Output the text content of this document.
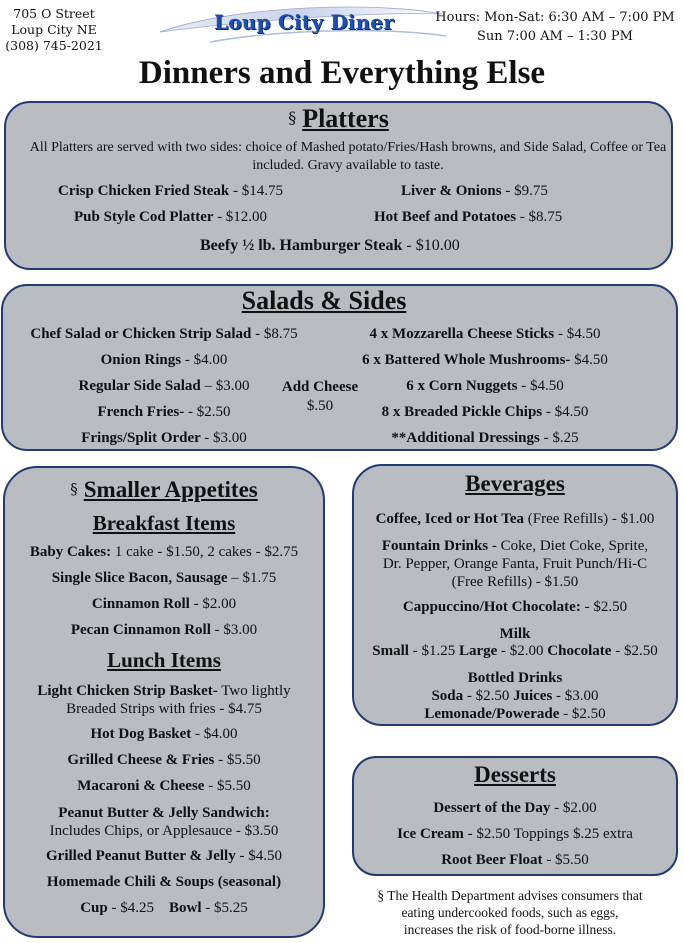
705 O Street
Loup City NE
(308) 745-2021
Loup City Diner	Hours: Mon-Sat: 6:30 AM – 7:00 PM
Sun 7:00 AM – 1:30 PM
Dinners and Everything Else
§ Platters
All Platters are served with two sides: choice of Mashed potato/Fries/Hash browns, and Side Salad, Coffee or Tea included. Gravy available to taste.
Crisp Chicken Fried Steak - $14.75	Liver & Onions - $9.75
Pub Style Cod Platter - $12.00	Hot Beef and Potatoes - $8.75
Beefy ½ lb. Hamburger Steak - $10.00
Salads & Sides
Chef Salad or Chicken Strip Salad - $8.75
Onion Rings - $4.00
Regular Side Salad – $3.00
French Fries- - $2.50
Frings/Split Order - $3.00
Add Cheese
$.50
4 x Mozzarella Cheese Sticks - $4.50
6 x Battered Whole Mushrooms- $4.50
6 x Corn Nuggets - $4.50
8 x Breaded Pickle Chips - $4.50
**Additional Dressings - $.25
§ Smaller Appetites
Breakfast Items
Baby Cakes: 1 cake - $1.50, 2 cakes - $2.75
Single Slice Bacon, Sausage – $1.75
Cinnamon Roll - $2.00
Pecan Cinnamon Roll - $3.00
Lunch Items
Light Chicken Strip Basket- Two lightly
Breaded Strips with fries - $4.75
Hot Dog Basket - $4.00
Grilled Cheese & Fries - $5.50
Macaroni & Cheese - $5.50
Peanut Butter & Jelly Sandwich:
Includes Chips, or Applesauce - $3.50
Grilled Peanut Butter & Jelly - $4.50
Homemade Chili & Soups (seasonal)
Cup - $4.25 Bowl - $5.25
Beverages
Coffee, Iced or Hot Tea (Free Refills) - $1.00
Fountain Drinks - Coke, Diet Coke, Sprite,
Dr. Pepper, Orange Fanta, Fruit Punch/Hi-C
(Free Refills) - $1.50
Cappuccino/Hot Chocolate: - $2.50
Milk
Small - $1.25 Large - $2.00 Chocolate - $2.50
Bottled Drinks
Soda - $2.50 Juices - $3.00
Lemonade/Powerade - $2.50
Desserts
Dessert of the Day - $2.00
Ice Cream - $2.50 Toppings $.25 extra
Root Beer Float - $5.50
§ The Health Department advises consumers that
eating undercooked foods, such as eggs,
increases the risk of food-borne illness.
